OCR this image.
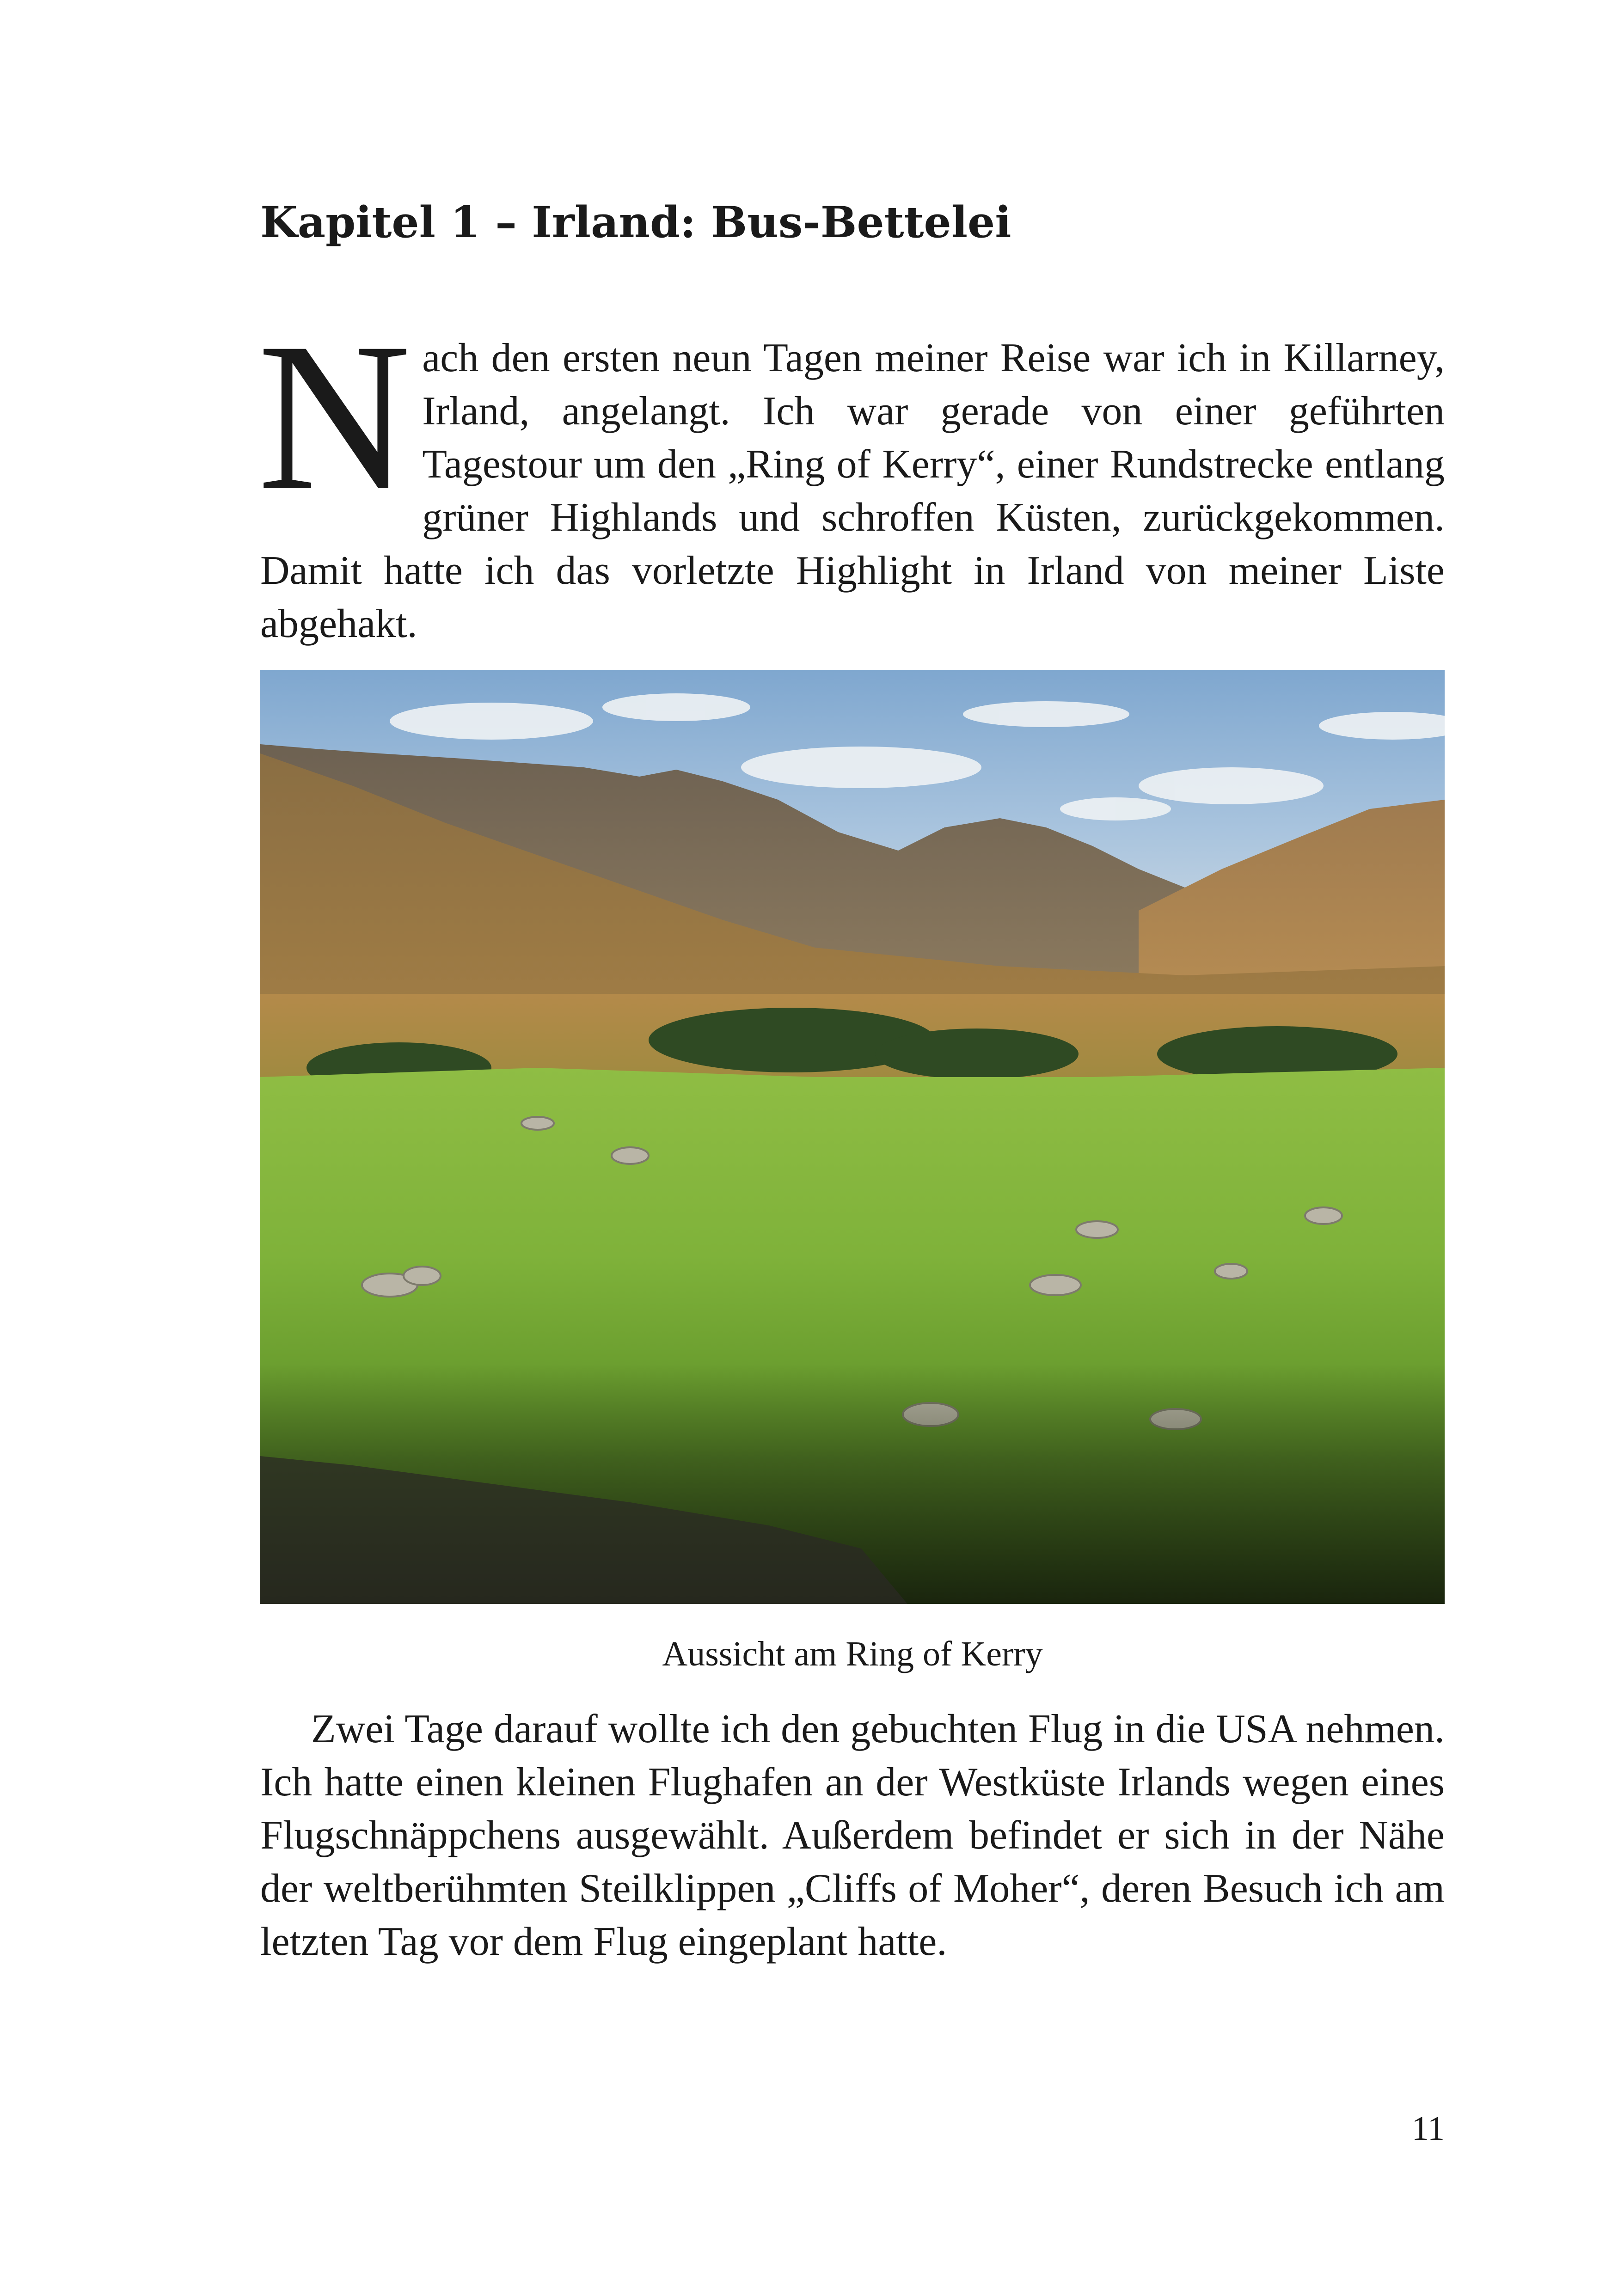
Kapitel 1 – Irland: Bus-Bettelei

Nach den ersten neun Tagen meiner Reise war ich in Killarney, Irland, angelangt. Ich war gerade von einer geführten Tagestour um den „Ring of Kerry“, einer Rundstrecke entlang grüner Highlands und schroffen Küsten, zurückgekommen. Damit hatte ich das vorletzte Highlight in Irland von meiner Liste abgehakt.

Aussicht am Ring of Kerry

Zwei Tage darauf wollte ich den gebuchten Flug in die USA nehmen. Ich hatte einen kleinen Flughafen an der Westküste Irlands wegen eines Flugschnäppchens ausgewählt. Außerdem befindet er sich in der Nähe der weltberühmten Steilklippen „Cliffs of Moher“, deren Besuch ich am letzten Tag vor dem Flug eingeplant hatte.

11
